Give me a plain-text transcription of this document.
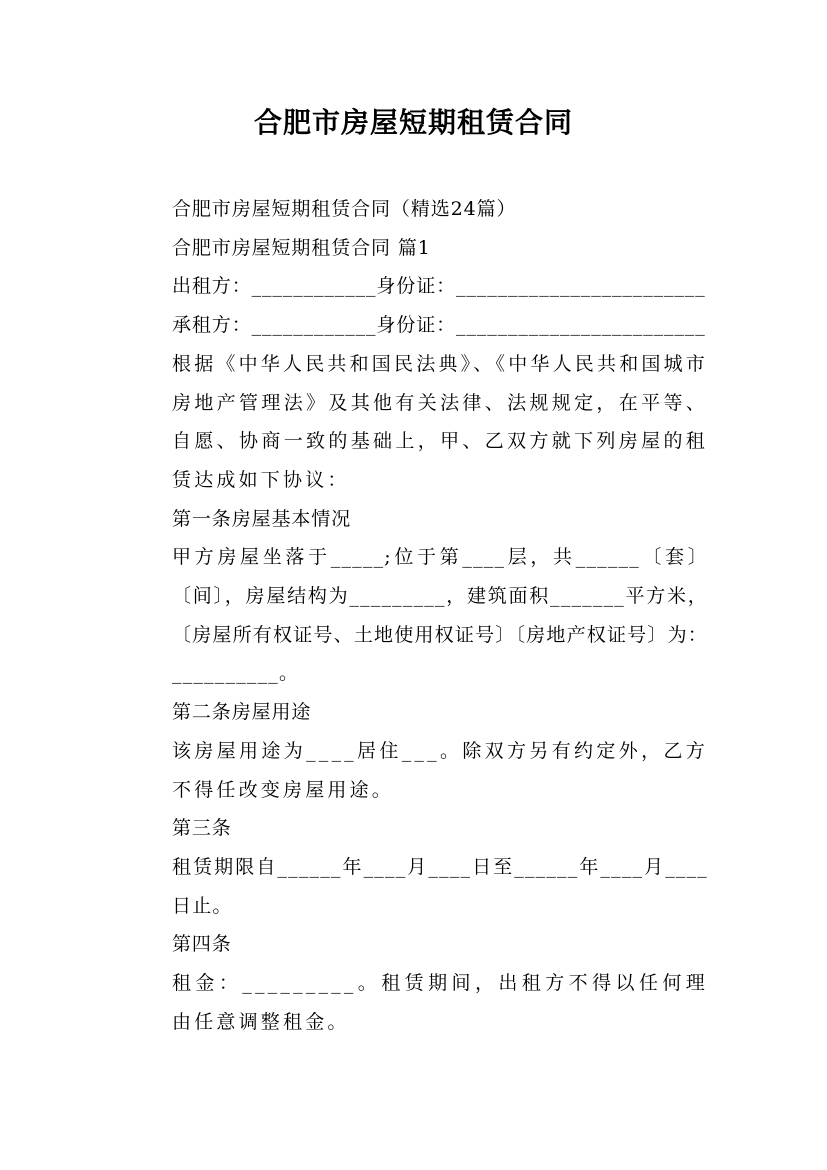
合肥市房屋短期租赁合同

合肥市房屋短期租赁合同（精选24篇）

合肥市房屋短期租赁合同 篇1

出租方：____________身份证：________________________

承租方：____________身份证：________________________

根据《中华人民共和国民法典》、《中华人民共和国城市房地产管理法》及其他有关法律、法规规定，在平等、自愿、协商一致的基础上，甲、乙双方就下列房屋的租赁达成如下协议：

第一条房屋基本情况

甲方房屋坐落于_____;位于第____层，共______〔套〕〔间〕，房屋结构为_________，建筑面积_______平方米，〔房屋所有权证号、土地使用权证号〕〔房地产权证号〕为：__________。

第二条房屋用途

该房屋用途为____居住___。除双方另有约定外，乙方不得任改变房屋用途。

第三条

租赁期限自______年____月____日至______年____月____日止。

第四条

租金：_________。租赁期间，出租方不得以任何理由任意调整租金。
